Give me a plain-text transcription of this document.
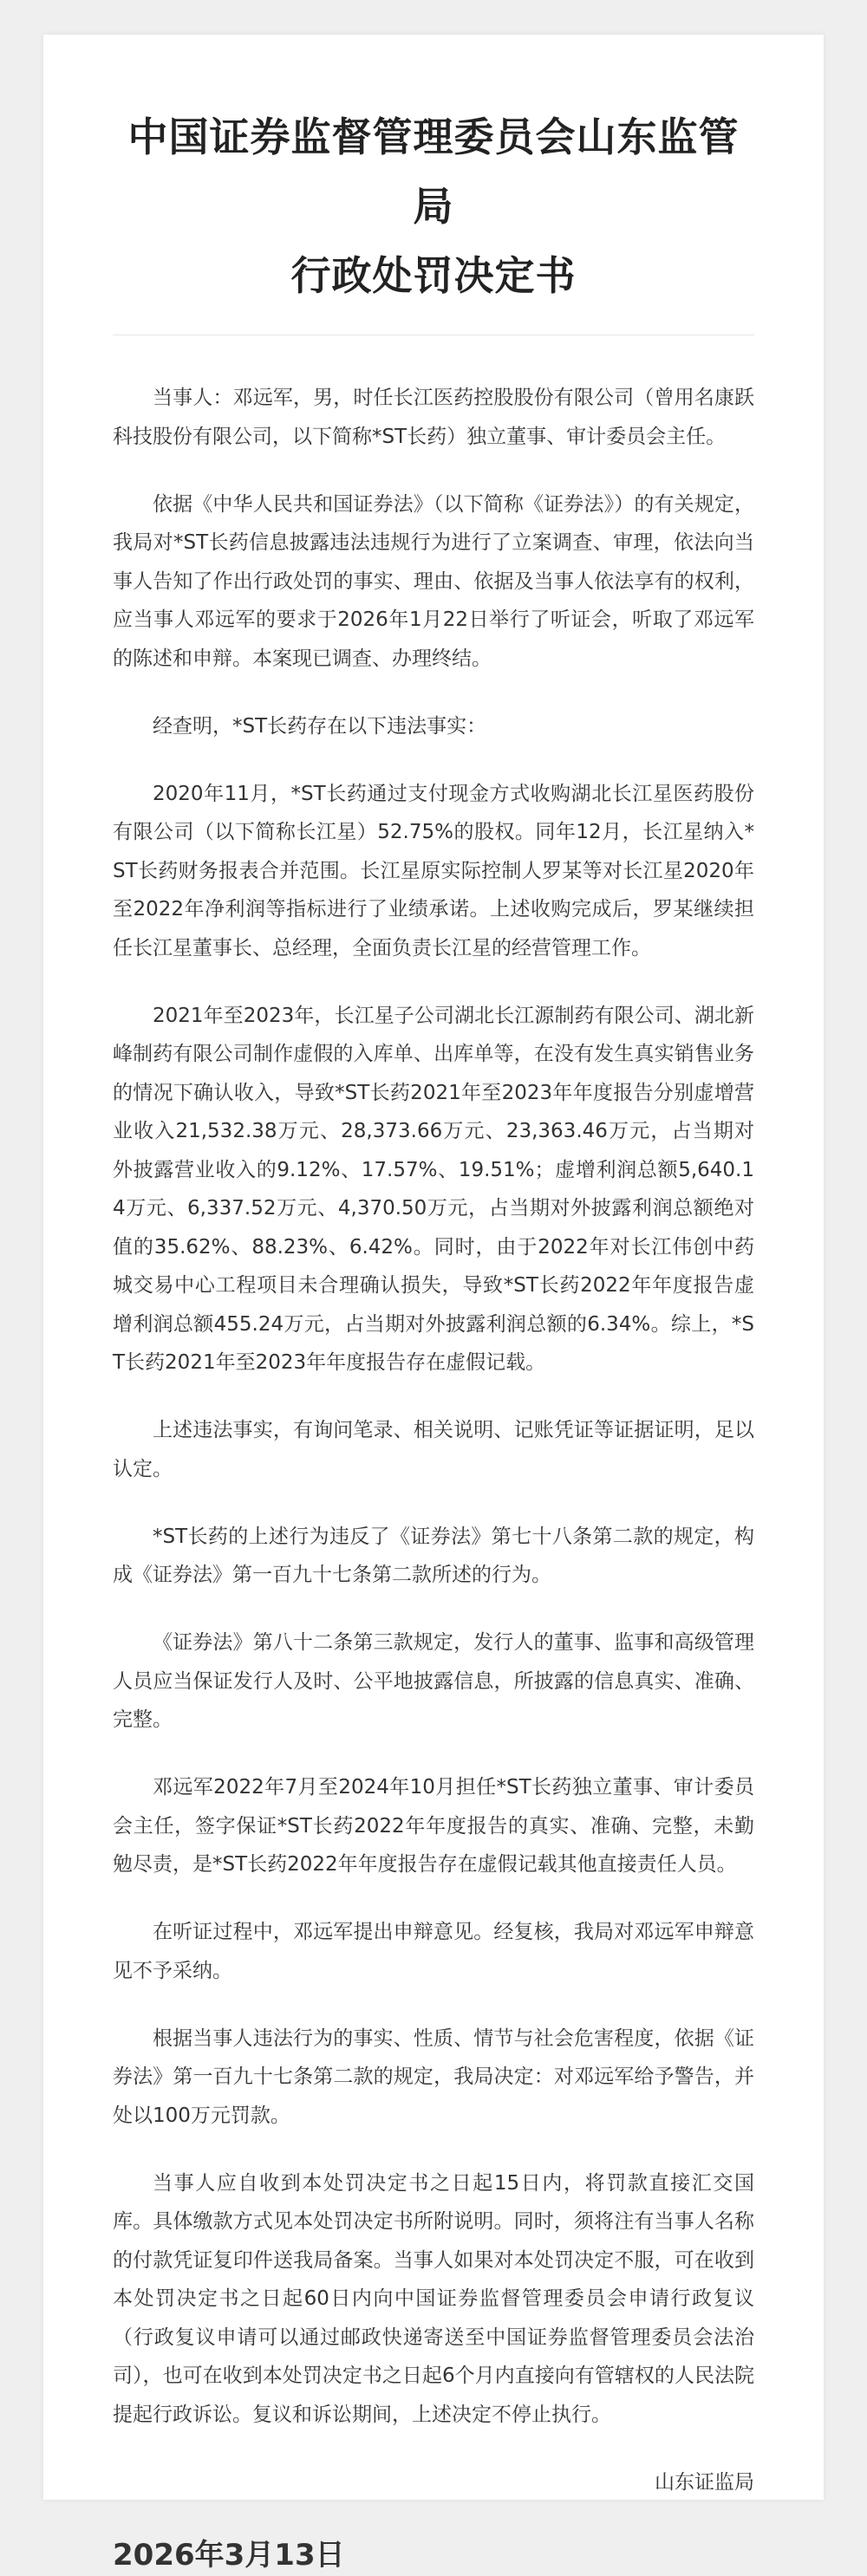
中国证券监督管理委员会山东监管局
行政处罚决定书

当事人：邓远军，男，时任长江医药控股股份有限公司（曾用名康跃科技股份有限公司，以下简称*ST长药）独立董事、审计委员会主任。

依据《中华人民共和国证券法》（以下简称《证券法》）的有关规定，我局对*ST长药信息披露违法违规行为进行了立案调查、审理，依法向当事人告知了作出行政处罚的事实、理由、依据及当事人依法享有的权利，应当事人邓远军的要求于2026年1月22日举行了听证会，听取了邓远军的陈述和申辩。本案现已调查、办理终结。

经查明，*ST长药存在以下违法事实：

2020年11月，*ST长药通过支付现金方式收购湖北长江星医药股份有限公司（以下简称长江星）52.75%的股权。同年12月，长江星纳入*ST长药财务报表合并范围。长江星原实际控制人罗某等对长江星2020年至2022年净利润等指标进行了业绩承诺。上述收购完成后，罗某继续担任长江星董事长、总经理，全面负责长江星的经营管理工作。

2021年至2023年，长江星子公司湖北长江源制药有限公司、湖北新峰制药有限公司制作虚假的入库单、出库单等，在没有发生真实销售业务的情况下确认收入，导致*ST长药2021年至2023年年度报告分别虚增营业收入21,532.38万元、28,373.66万元、23,363.46万元，占当期对外披露营业收入的9.12%、17.57%、19.51%；虚增利润总额5,640.14万元、6,337.52万元、4,370.50万元，占当期对外披露利润总额绝对值的35.62%、88.23%、6.42%。同时，由于2022年对长江伟创中药城交易中心工程项目未合理确认损失，导致*ST长药2022年年度报告虚增利润总额455.24万元，占当期对外披露利润总额的6.34%。综上，*ST长药2021年至2023年年度报告存在虚假记载。

上述违法事实，有询问笔录、相关说明、记账凭证等证据证明，足以认定。

*ST长药的上述行为违反了《证券法》第七十八条第二款的规定，构成《证券法》第一百九十七条第二款所述的行为。

《证券法》第八十二条第三款规定，发行人的董事、监事和高级管理人员应当保证发行人及时、公平地披露信息，所披露的信息真实、准确、完整。

邓远军2022年7月至2024年10月担任*ST长药独立董事、审计委员会主任，签字保证*ST长药2022年年度报告的真实、准确、完整，未勤勉尽责，是*ST长药2022年年度报告存在虚假记载其他直接责任人员。

在听证过程中，邓远军提出申辩意见。经复核，我局对邓远军申辩意见不予采纳。

根据当事人违法行为的事实、性质、情节与社会危害程度，依据《证券法》第一百九十七条第二款的规定，我局决定：对邓远军给予警告，并处以100万元罚款。

当事人应自收到本处罚决定书之日起15日内，将罚款直接汇交国库。具体缴款方式见本处罚决定书所附说明。同时，须将注有当事人名称的付款凭证复印件送我局备案。当事人如果对本处罚决定不服，可在收到本处罚决定书之日起60日内向中国证券监督管理委员会申请行政复议（行政复议申请可以通过邮政快递寄送至中国证券监督管理委员会法治司），也可在收到本处罚决定书之日起6个月内直接向有管辖权的人民法院提起行政诉讼。复议和诉讼期间，上述决定不停止执行。

山东证监局
2026年3月13日
